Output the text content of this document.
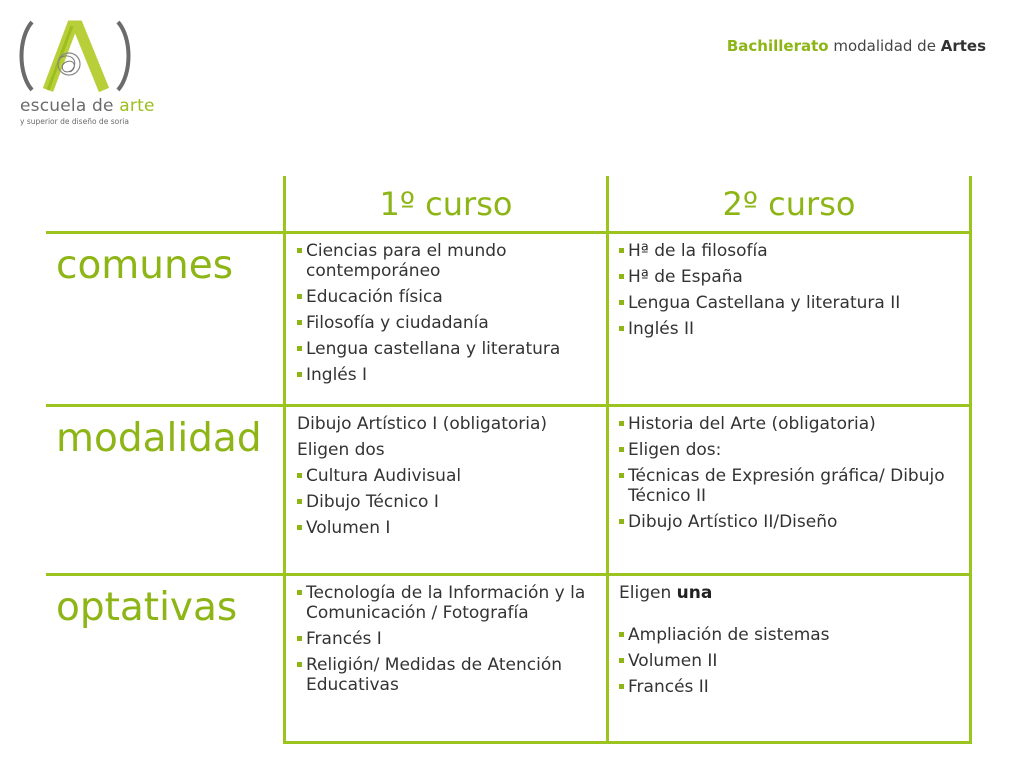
escuela de arte
y superior de diseño de soria
Bachillerato modalidad de Artes
1º curso	2º curso
comunes
modalidad
optativas
Ciencias para el mundo contemporáneo
Educación física
Filosofía y ciudadanía
Lengua castellana y literatura
Inglés I
Hª de la filosofía
Hª de España
Lengua Castellana y literatura II
Inglés II
Dibujo Artístico I (obligatoria)
Eligen dos
Cultura Audivisual
Dibujo Técnico I
Volumen I
Historia del Arte (obligatoria)
Eligen dos:
Técnicas de Expresión gráfica/ Dibujo Técnico II
Dibujo Artístico II/Diseño
Tecnología de la Información y la Comunicación / Fotografía
Francés I
Religión/ Medidas de Atención Educativas
Eligen una
Ampliación de sistemas
Volumen II
Francés II
